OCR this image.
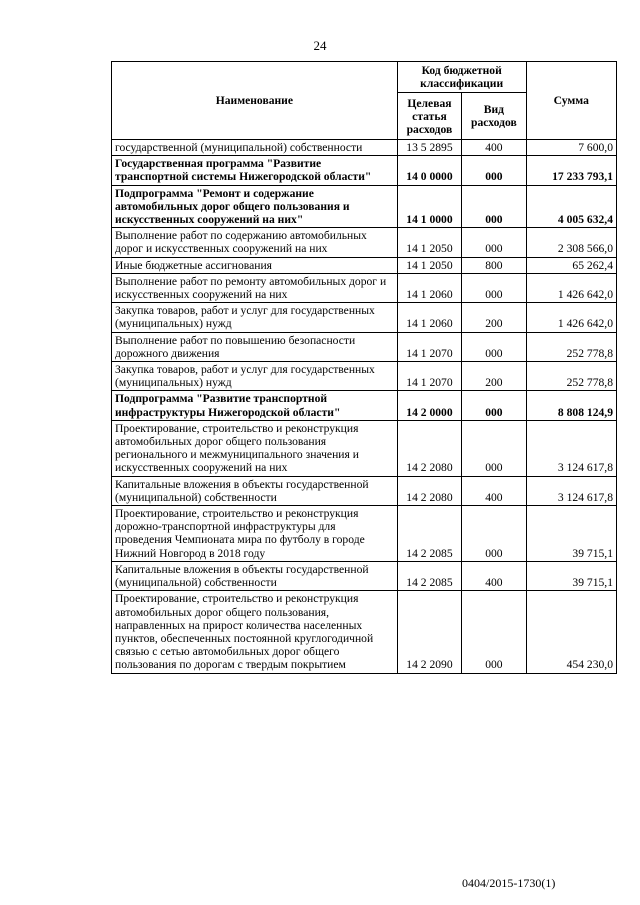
24
Наименование	Код бюджетной классификации		Сумма
	Целевая статья расходов	Вид расходов	
государственной (муниципальной) собственности	13 5 2895	400	7 600,0
Государственная программа "Развитие транспортной системы Нижегородской области"	14 0 0000	000	17 233 793,1
Подпрограмма "Ремонт и содержание автомобильных дорог общего пользования и искусственных сооружений на них"	14 1 0000	000	4 005 632,4
Выполнение работ по содержанию автомобильных дорог и искусственных сооружений на них	14 1 2050	000	2 308 566,0
Иные бюджетные ассигнования	14 1 2050	800	65 262,4
Выполнение работ по ремонту автомобильных дорог и искусственных сооружений на них	14 1 2060	000	1 426 642,0
Закупка товаров, работ и услуг для государственных (муниципальных) нужд	14 1 2060	200	1 426 642,0
Выполнение работ по повышению безопасности дорожного движения	14 1 2070	000	252 778,8
Закупка товаров, работ и услуг для государственных (муниципальных) нужд	14 1 2070	200	252 778,8
Подпрограмма "Развитие транспортной инфраструктуры Нижегородской области"	14 2 0000	000	8 808 124,9
Проектирование, строительство и реконструкция автомобильных дорог общего пользования регионального и межмуниципального значения и искусственных сооружений на них	14 2 2080	000	3 124 617,8
Капитальные вложения в объекты государственной (муниципальной) собственности	14 2 2080	400	3 124 617,8
Проектирование, строительство и реконструкция дорожно-транспортной инфраструктуры для проведения Чемпионата мира по футболу в городе Нижний Новгород в 2018 году	14 2 2085	000	39 715,1
Капитальные вложения в объекты государственной (муниципальной) собственности	14 2 2085	400	39 715,1
Проектирование, строительство и реконструкция автомобильных дорог общего пользования, направленных на прирост количества населенных пунктов, обеспеченных постоянной круглогодичной связью с сетью автомобильных дорог общего пользования по дорогам с твердым покрытием	14 2 2090	000	454 230,0
0404/2015-1730(1)
